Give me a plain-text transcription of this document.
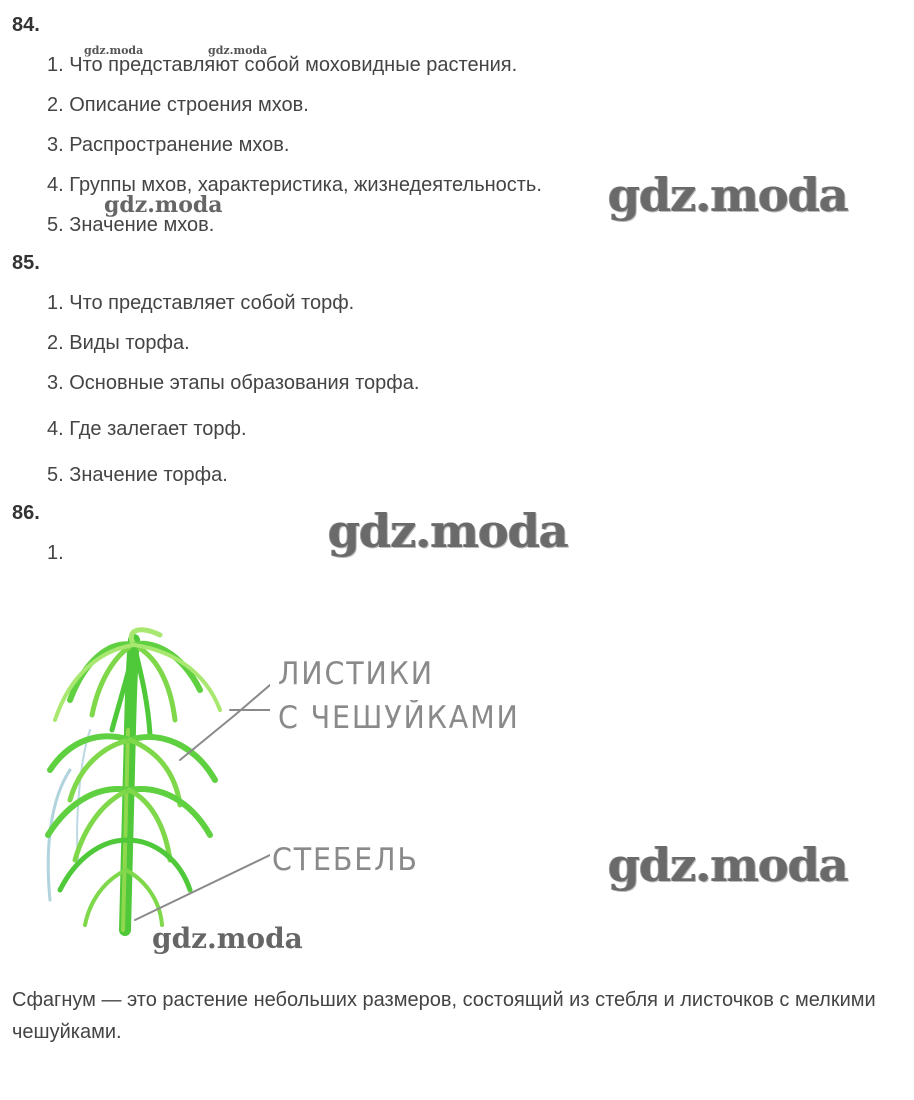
84.
1. Что представляют собой моховидные растения.
2. Описание строения мхов.
3. Распространение мхов.
4. Группы мхов, характеристика, жизнедеятельность.
5. Значение мхов.
85.
1. Что представляет собой торф.
2. Виды торфа.
3. Основные этапы образования торфа.
4. Где залегает торф.
5. Значение торфа.
86.
1.
gdz.moda	gdz.moda
gdz.moda	gdz.moda
gdz.moda
gdz.moda
gdz.moda
ЛИСТИКИ
С ЧЕШУЙКАМИ
СТЕБЕЛЬ
Сфагнум — это растение небольших размеров, состоящий из стебля и листочков с мелкими чешуйками.
